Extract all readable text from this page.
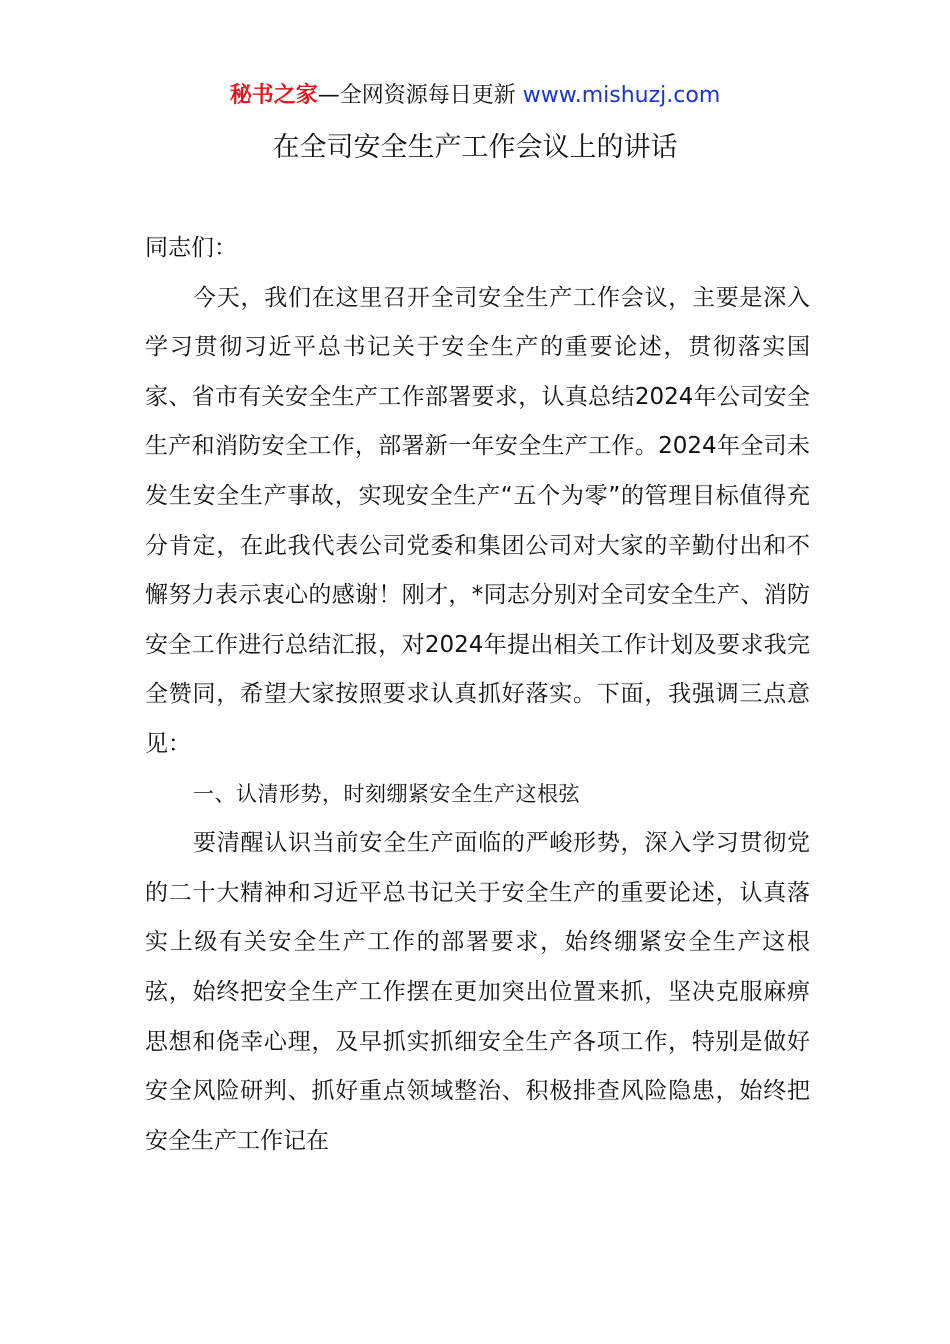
秘书之家—全网资源每日更新 www.mishuzj.com
在全司安全生产工作会议上的讲话

同志们：

今天，我们在这里召开全司安全生产工作会议，主要是深入学习贯彻习近平总书记关于安全生产的重要论述，贯彻落实国家、省市有关安全生产工作部署要求，认真总结2024年公司安全生产和消防安全工作，部署新一年安全生产工作。2024年全司未发生安全生产事故，实现安全生产“五个为零”的管理目标值得充分肯定，在此我代表公司党委和集团公司对大家的辛勤付出和不懈努力表示衷心的感谢！刚才，*同志分别对全司安全生产、消防安全工作进行总结汇报，对2024年提出相关工作计划及要求我完全赞同，希望大家按照要求认真抓好落实。下面，我强调三点意见：

一、认清形势，时刻绷紧安全生产这根弦

要清醒认识当前安全生产面临的严峻形势，深入学习贯彻党的二十大精神和习近平总书记关于安全生产的重要论述，认真落实上级有关安全生产工作的部署要求，始终绷紧安全生产这根弦，始终把安全生产工作摆在更加突出位置来抓，坚决克服麻痹思想和侥幸心理，及早抓实抓细安全生产各项工作，特别是做好安全风险研判、抓好重点领域整治、积极排查风险隐患，始终把安全生产工作记在
